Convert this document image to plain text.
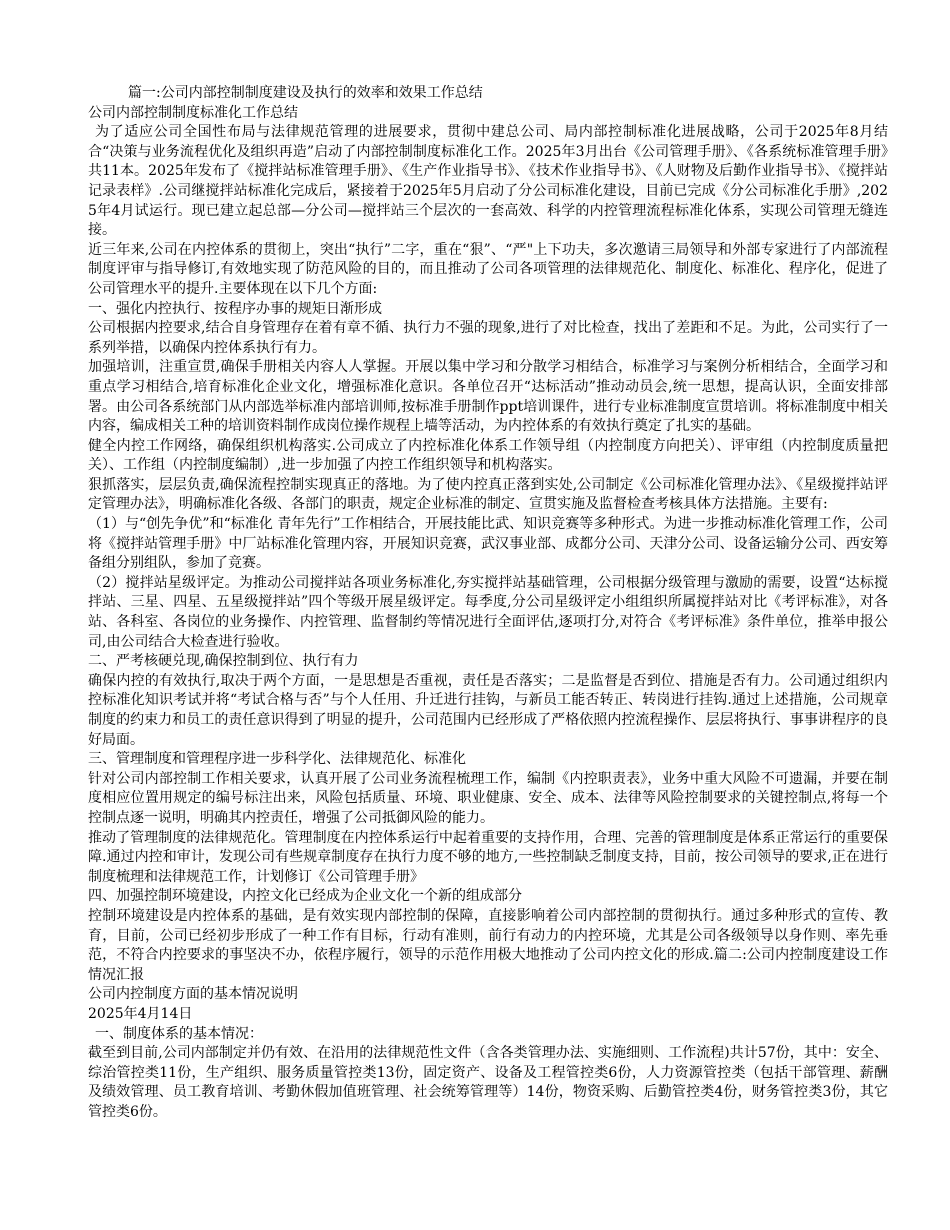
篇一:公司内部控制制度建设及执行的效率和效果工作总结

公司内部控制制度标准化工作总结

为了适应公司全国性布局与法律规范管理的进展要求，贯彻中建总公司、局内部控制标准化进展战略，公司于2025年8月结合“决策与业务流程优化及组织再造”启动了内部控制制度标准化工作。2025年3月出台《公司管理手册》、《各系统标准管理手册》共11本。2025年发布了《搅拌站标准管理手册》、《生产作业指导书》、《技术作业指导书》、《人财物及后勤作业指导书》、《搅拌站记录表样》.公司继搅拌站标准化完成后，紧接着于2025年5月启动了分公司标准化建设，目前已完成《分公司标准化手册》,2025年4月试运行。现已建立起总部—分公司—搅拌站三个层次的一套高效、科学的内控管理流程标准化体系，实现公司管理无缝连接。

近三年来,公司在内控体系的贯彻上，突出“执行”二字，重在“狠”、“严"上下功夫，多次邀请三局领导和外部专家进行了内部流程制度评审与指导修订,有效地实现了防范风险的目的，而且推动了公司各项管理的法律规范化、制度化、标准化、程序化，促进了公司管理水平的提升.主要体现在以下几个方面:

一、强化内控执行、按程序办事的规矩日渐形成

公司根据内控要求,结合自身管理存在着有章不循、执行力不强的现象,进行了对比检查，找出了差距和不足。为此，公司实行了一系列举措，以确保内控体系执行有力。

加强培训，注重宣贯,确保手册相关内容人人掌握。开展以集中学习和分散学习相结合，标准学习与案例分析相结合，全面学习和重点学习相结合,培育标准化企业文化，增强标准化意识。各单位召开“达标活动”推动动员会,统一思想，提高认识，全面安排部署。由公司各系统部门从内部选举标准内部培训师,按标准手册制作ppt培训课件，进行专业标准制度宣贯培训。将标准制度中相关内容，编成相关工种的培训资料制作成岗位操作规程上墙等活动，为内控体系的有效执行奠定了扎实的基础。

健全内控工作网络，确保组织机构落实.公司成立了内控标准化体系工作领导组（内控制度方向把关）、评审组（内控制度质量把关）、工作组（内控制度编制）,进一步加强了内控工作组织领导和机构落实。

狠抓落实，层层负责,确保流程控制实现真正的落地。为了使内控真正落到实处,公司制定《公司标准化管理办法》、《星级搅拌站评定管理办法》，明确标准化各级、各部门的职责，规定企业标准的制定、宣贯实施及监督检查考核具体方法措施。主要有:

（1）与“创先争优”和“标准化 青年先行”工作相结合，开展技能比武、知识竞赛等多种形式。为进一步推动标准化管理工作，公司将《搅拌站管理手册》中厂站标准化管理内容，开展知识竞赛，武汉事业部、成都分公司、天津分公司、设备运输分公司、西安筹备组分别组队，参加了竞赛。

（2）搅拌站星级评定。为推动公司搅拌站各项业务标准化,夯实搅拌站基础管理，公司根据分级管理与激励的需要，设置“达标搅拌站、三星、四星、五星级搅拌站”四个等级开展星级评定。每季度,分公司星级评定小组组织所属搅拌站对比《考评标准》，对各站、各科室、各岗位的业务操作、内控管理、监督制约等情况进行全面评估,逐项打分,对符合《考评标准》条件单位，推举申报公司,由公司结合大检查进行验收。

二、严考核硬兑现,确保控制到位、执行有力

确保内控的有效执行,取决于两个方面，一是思想是否重视，责任是否落实；二是监督是否到位、措施是否有力。公司通过组织内控标准化知识考试并将“考试合格与否”与个人任用、升迁进行挂钩，与新员工能否转正、转岗进行挂钩.通过上述措施，公司规章制度的约束力和员工的责任意识得到了明显的提升，公司范围内已经形成了严格依照内控流程操作、层层将执行、事事讲程序的良好局面。

三、管理制度和管理程序进一步科学化、法律规范化、标准化

针对公司内部控制工作相关要求，认真开展了公司业务流程梳理工作，编制《内控职责表》，业务中重大风险不可遗漏，并要在制度相应位置用规定的编号标注出来，风险包括质量、环境、职业健康、安全、成本、法律等风险控制要求的关键控制点,将每一个控制点逐一说明，明确其内控责任，增强了公司抵御风险的能力。

推动了管理制度的法律规范化。管理制度在内控体系运行中起着重要的支持作用，合理、完善的管理制度是体系正常运行的重要保障.通过内控和审计，发现公司有些规章制度存在执行力度不够的地方,一些控制缺乏制度支持，目前，按公司领导的要求,正在进行制度梳理和法律规范工作，计划修订《公司管理手册》

四、加强控制环境建设，内控文化已经成为企业文化一个新的组成部分

控制环境建设是内控体系的基础，是有效实现内部控制的保障，直接影响着公司内部控制的贯彻执行。通过多种形式的宣传、教育，目前，公司已经初步形成了一种工作有目标，行动有准则，前行有动力的内控环境，尤其是公司各级领导以身作则、率先垂范，不符合内控要求的事坚决不办，依程序履行，领导的示范作用极大地推动了公司内控文化的形成.篇二:公司内控制度建设工作情况汇报

公司内控制度方面的基本情况说明

2025年4月14日

一、制度体系的基本情况：

截至到目前,公司内部制定并仍有效、在沿用的法律规范性文件（含各类管理办法、实施细则、工作流程)共计57份，其中：安全、综治管控类11份，生产组织、服务质量管控类13份，固定资产、设备及工程管控类6份，人力资源管控类（包括干部管理、薪酬及绩效管理、员工教育培训、考勤休假加值班管理、社会统筹管理等）14份，物资采购、后勤管控类4份，财务管控类3份，其它管控类6份。
